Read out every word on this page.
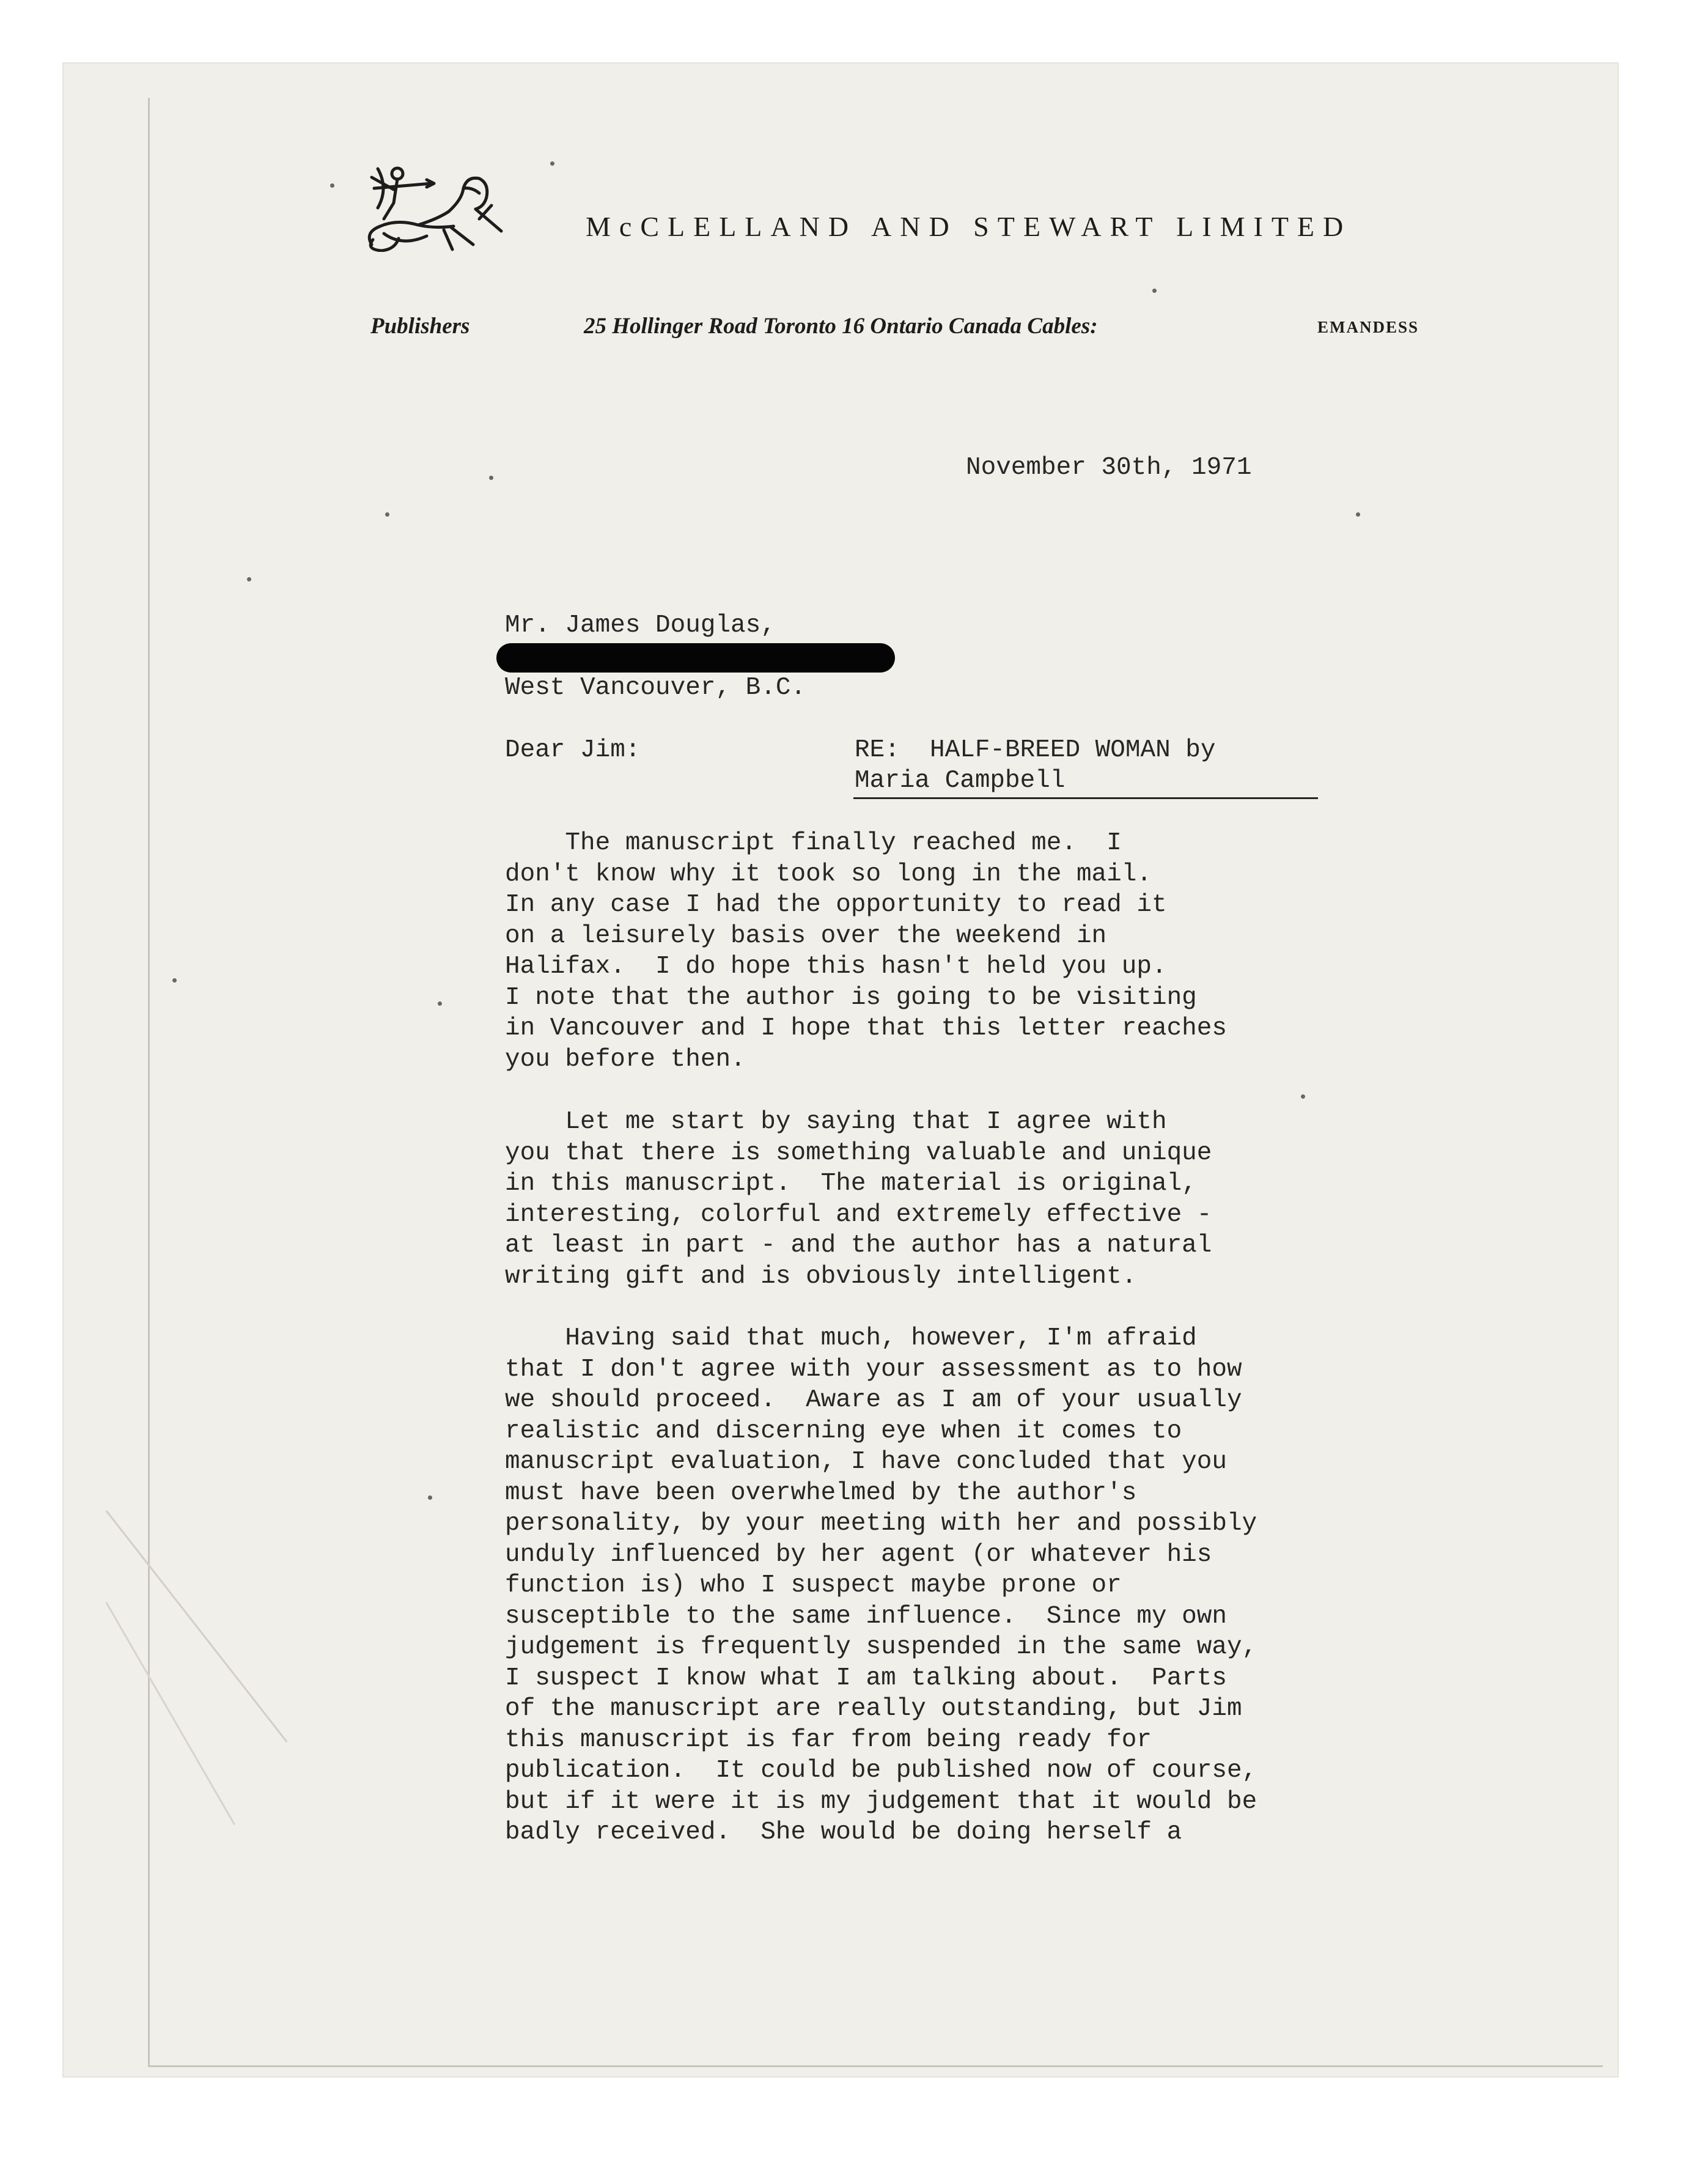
McCLELLAND AND STEWART LIMITED
Publishers	25 Hollinger Road Toronto 16 Ontario Canada Cables:	EMANDESS
November 30th, 1971
Mr. James Douglas,
West Vancouver, B.C.
Dear Jim:	RE:  HALF-BREED WOMAN by
Maria Campbell

The manuscript finally reached me.  I
don't know why it took so long in the mail.
In any case I had the opportunity to read it
on a leisurely basis over the weekend in
Halifax.  I do hope this hasn't held you up.
I note that the author is going to be visiting
in Vancouver and I hope that this letter reaches
you before then.

Let me start by saying that I agree with
you that there is something valuable and unique
in this manuscript.  The material is original,
interesting, colorful and extremely effective -
at least in part - and the author has a natural
writing gift and is obviously intelligent.

Having said that much, however, I'm afraid
that I don't agree with your assessment as to how
we should proceed.  Aware as I am of your usually
realistic and discerning eye when it comes to
manuscript evaluation, I have concluded that you
must have been overwhelmed by the author's
personality, by your meeting with her and possibly
unduly influenced by her agent (or whatever his
function is) who I suspect maybe prone or
susceptible to the same influence.  Since my own
judgement is frequently suspended in the same way,
I suspect I know what I am talking about.  Parts
of the manuscript are really outstanding, but Jim
this manuscript is far from being ready for
publication.  It could be published now of course,
but if it were it is my judgement that it would be
badly received.  She would be doing herself a
